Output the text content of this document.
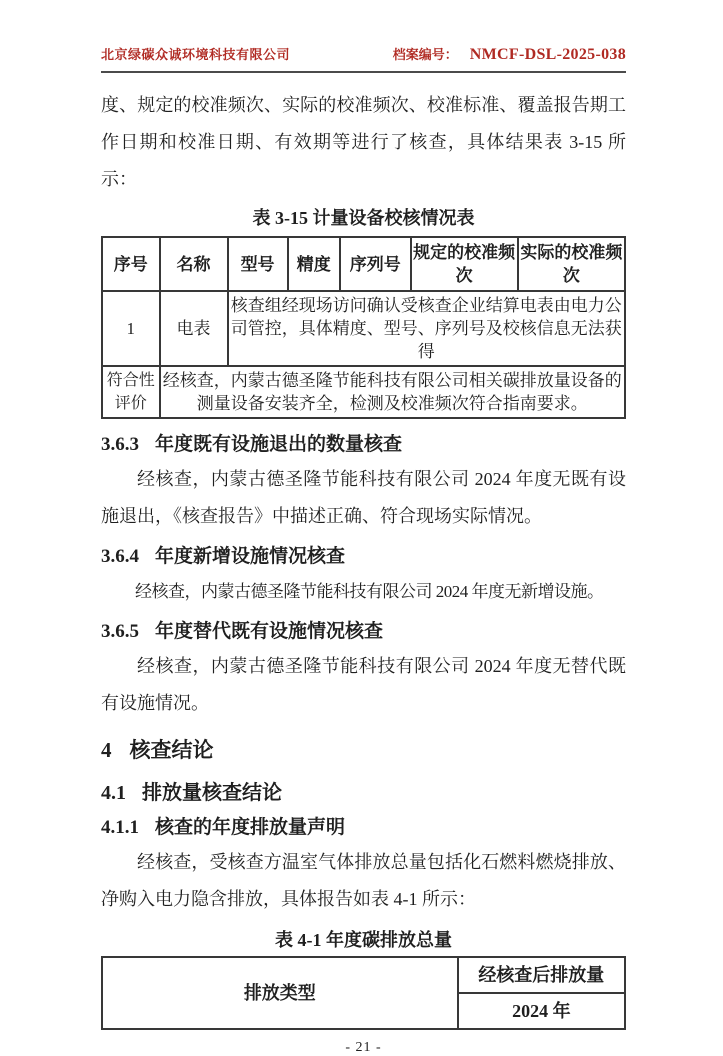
北京绿碳众诚环境科技有限公司	档案编号： NMCF-DSL-2025-038

度、规定的校准频次、实际的校准频次、校准标准、覆盖报告期工作日期和校准日期、有效期等进行了核查，具体结果表 3-15 所示：

表 3-15 计量设备校核情况表
序号	名称	型号	精度	序列号	规定的校准频次	实际的校准频次
1	电表	核查组经现场访问确认受核查企业结算电表由电力公司管控，具体精度、型号、序列号及校核信息无法获得				
符合性评价	经核查，内蒙古德圣隆节能科技有限公司相关碳排放量设备的测量设备安装齐全，检测及校准频次符合指南要求。					
3.6.3 年度既有设施退出的数量核查

经核查，内蒙古德圣隆节能科技有限公司 2024 年度无既有设施退出，《核查报告》中描述正确、符合现场实际情况。

3.6.4 年度新增设施情况核查

经核查，内蒙古德圣隆节能科技有限公司 2024 年度无新增设施。

3.6.5 年度替代既有设施情况核查

经核查，内蒙古德圣隆节能科技有限公司 2024 年度无替代既有设施情况。

4 核查结论
4.1 排放量核查结论
4.1.1 核查的年度排放量声明

经核查，受核查方温室气体排放总量包括化石燃料燃烧排放、净购入电力隐含排放，具体报告如表 4-1 所示：

表 4-1 年度碳排放总量
排放类型	经核查后排放量
2024 年
- 21 -
